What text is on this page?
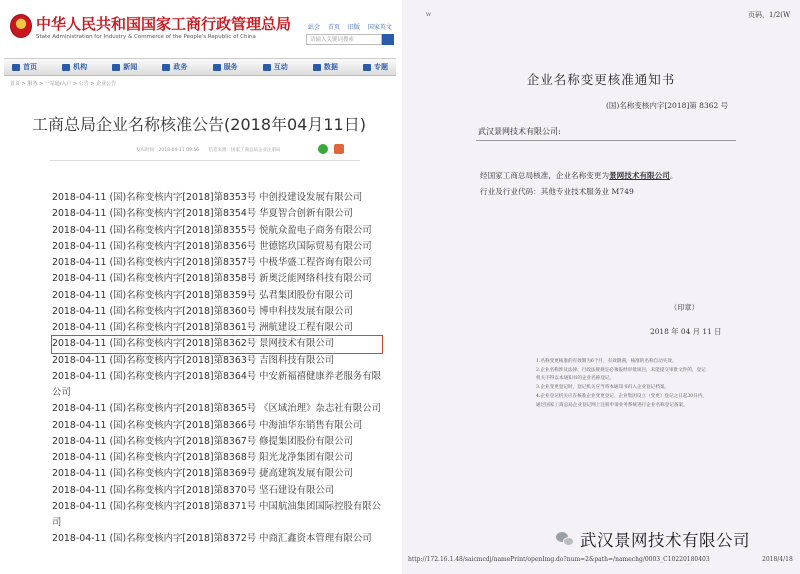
中华人民共和国国家工商行政管理总局
State Administration for Industry & Commerce of the People's Republic of China
站会 首页 旧版 国家英文
请输入关键词搜索
首页	机构	新闻	政务	服务	互动	数据	专题
首页 > 服务 > 一站通/入户 > 公告 > 企业公告
工商总局企业名称核准公告(2018年04月11日)
发布时间：2018-04-11 09:56 信息来源：国家工商总局企业注册局
2018-04-11 (国)名称变核内字[2018]第8353号 中创投建设发展有限公司
2018-04-11 (国)名称变核内字[2018]第8354号 华夏智合创新有限公司
2018-04-11 (国)名称变核内字[2018]第8355号 悦航众盈电子商务有限公司
2018-04-11 (国)名称变核内字[2018]第8356号 世德铭玖国际贸易有限公司
2018-04-11 (国)名称变核内字[2018]第8357号 中极华盛工程咨询有限公司
2018-04-11 (国)名称变核内字[2018]第8358号 新奥泛能网络科技有限公司
2018-04-11 (国)名称变核内字[2018]第8359号 弘君集团股份有限公司
2018-04-11 (国)名称变核内字[2018]第8360号 博申科技发展有限公司
2018-04-11 (国)名称变核内字[2018]第8361号 洲航建设工程有限公司
2018-04-11 (国)名称变核内字[2018]第8362号 景网技术有限公司
2018-04-11 (国)名称变核内字[2018]第8363号 吉图科技有限公司
2018-04-11 (国)名称变核内字[2018]第8364号 中安新福禧健康养老服务有限公司
2018-04-11 (国)名称变核内字[2018]第8365号 《区域治理》杂志社有限公司
2018-04-11 (国)名称变核内字[2018]第8366号 中海油华东销售有限公司
2018-04-11 (国)名称变核内字[2018]第8367号 修提集团股份有限公司
2018-04-11 (国)名称变核内字[2018]第8368号 阳光龙净集团有限公司
2018-04-11 (国)名称变核内字[2018]第8369号 捷高建筑发展有限公司
2018-04-11 (国)名称变核内字[2018]第8370号 坚石建设有限公司
2018-04-11 (国)名称变核内字[2018]第8371号 中国航油集团国际控股有限公司
2018-04-11 (国)名称变核内字[2018]第8372号 中商汇鑫资本管理有限公司
W	页码，1/2(W
企业名称变更核准通知书
(国)名称变核内字[2018]第 8362 号
武汉景网技术有限公司:
经国家工商总局核准，企业名称变更为景网技术有限公司。
行业及行业代码：其他专业技术服务业 M749
（印章）
2018 年 04 月 11 日
1.名称变更核准的有效期为6个月，有效期满，核准的名称自动失效。
2.企业名称涉及法律、行政法规规定必须报经审批项目，未能提交审批文件的，登记
机关不得以本通知书的企业名称登记。
3.企业变更登记时，登记机关应当将本通知书归入企业登记档案。
4.企业登记机关应在核准企业变更登记、企业集团设立（变更）登记之日起30日内，
通过国家工商总局企业登记网上注册申请业务系统进行企业名称登记备案。
http://172.16.1.48/saicmcdj/namePrint/openImg.do?num=2&path=/namechg/0003_C10220180403	2018/4/18
武汉景网技术有限公司
